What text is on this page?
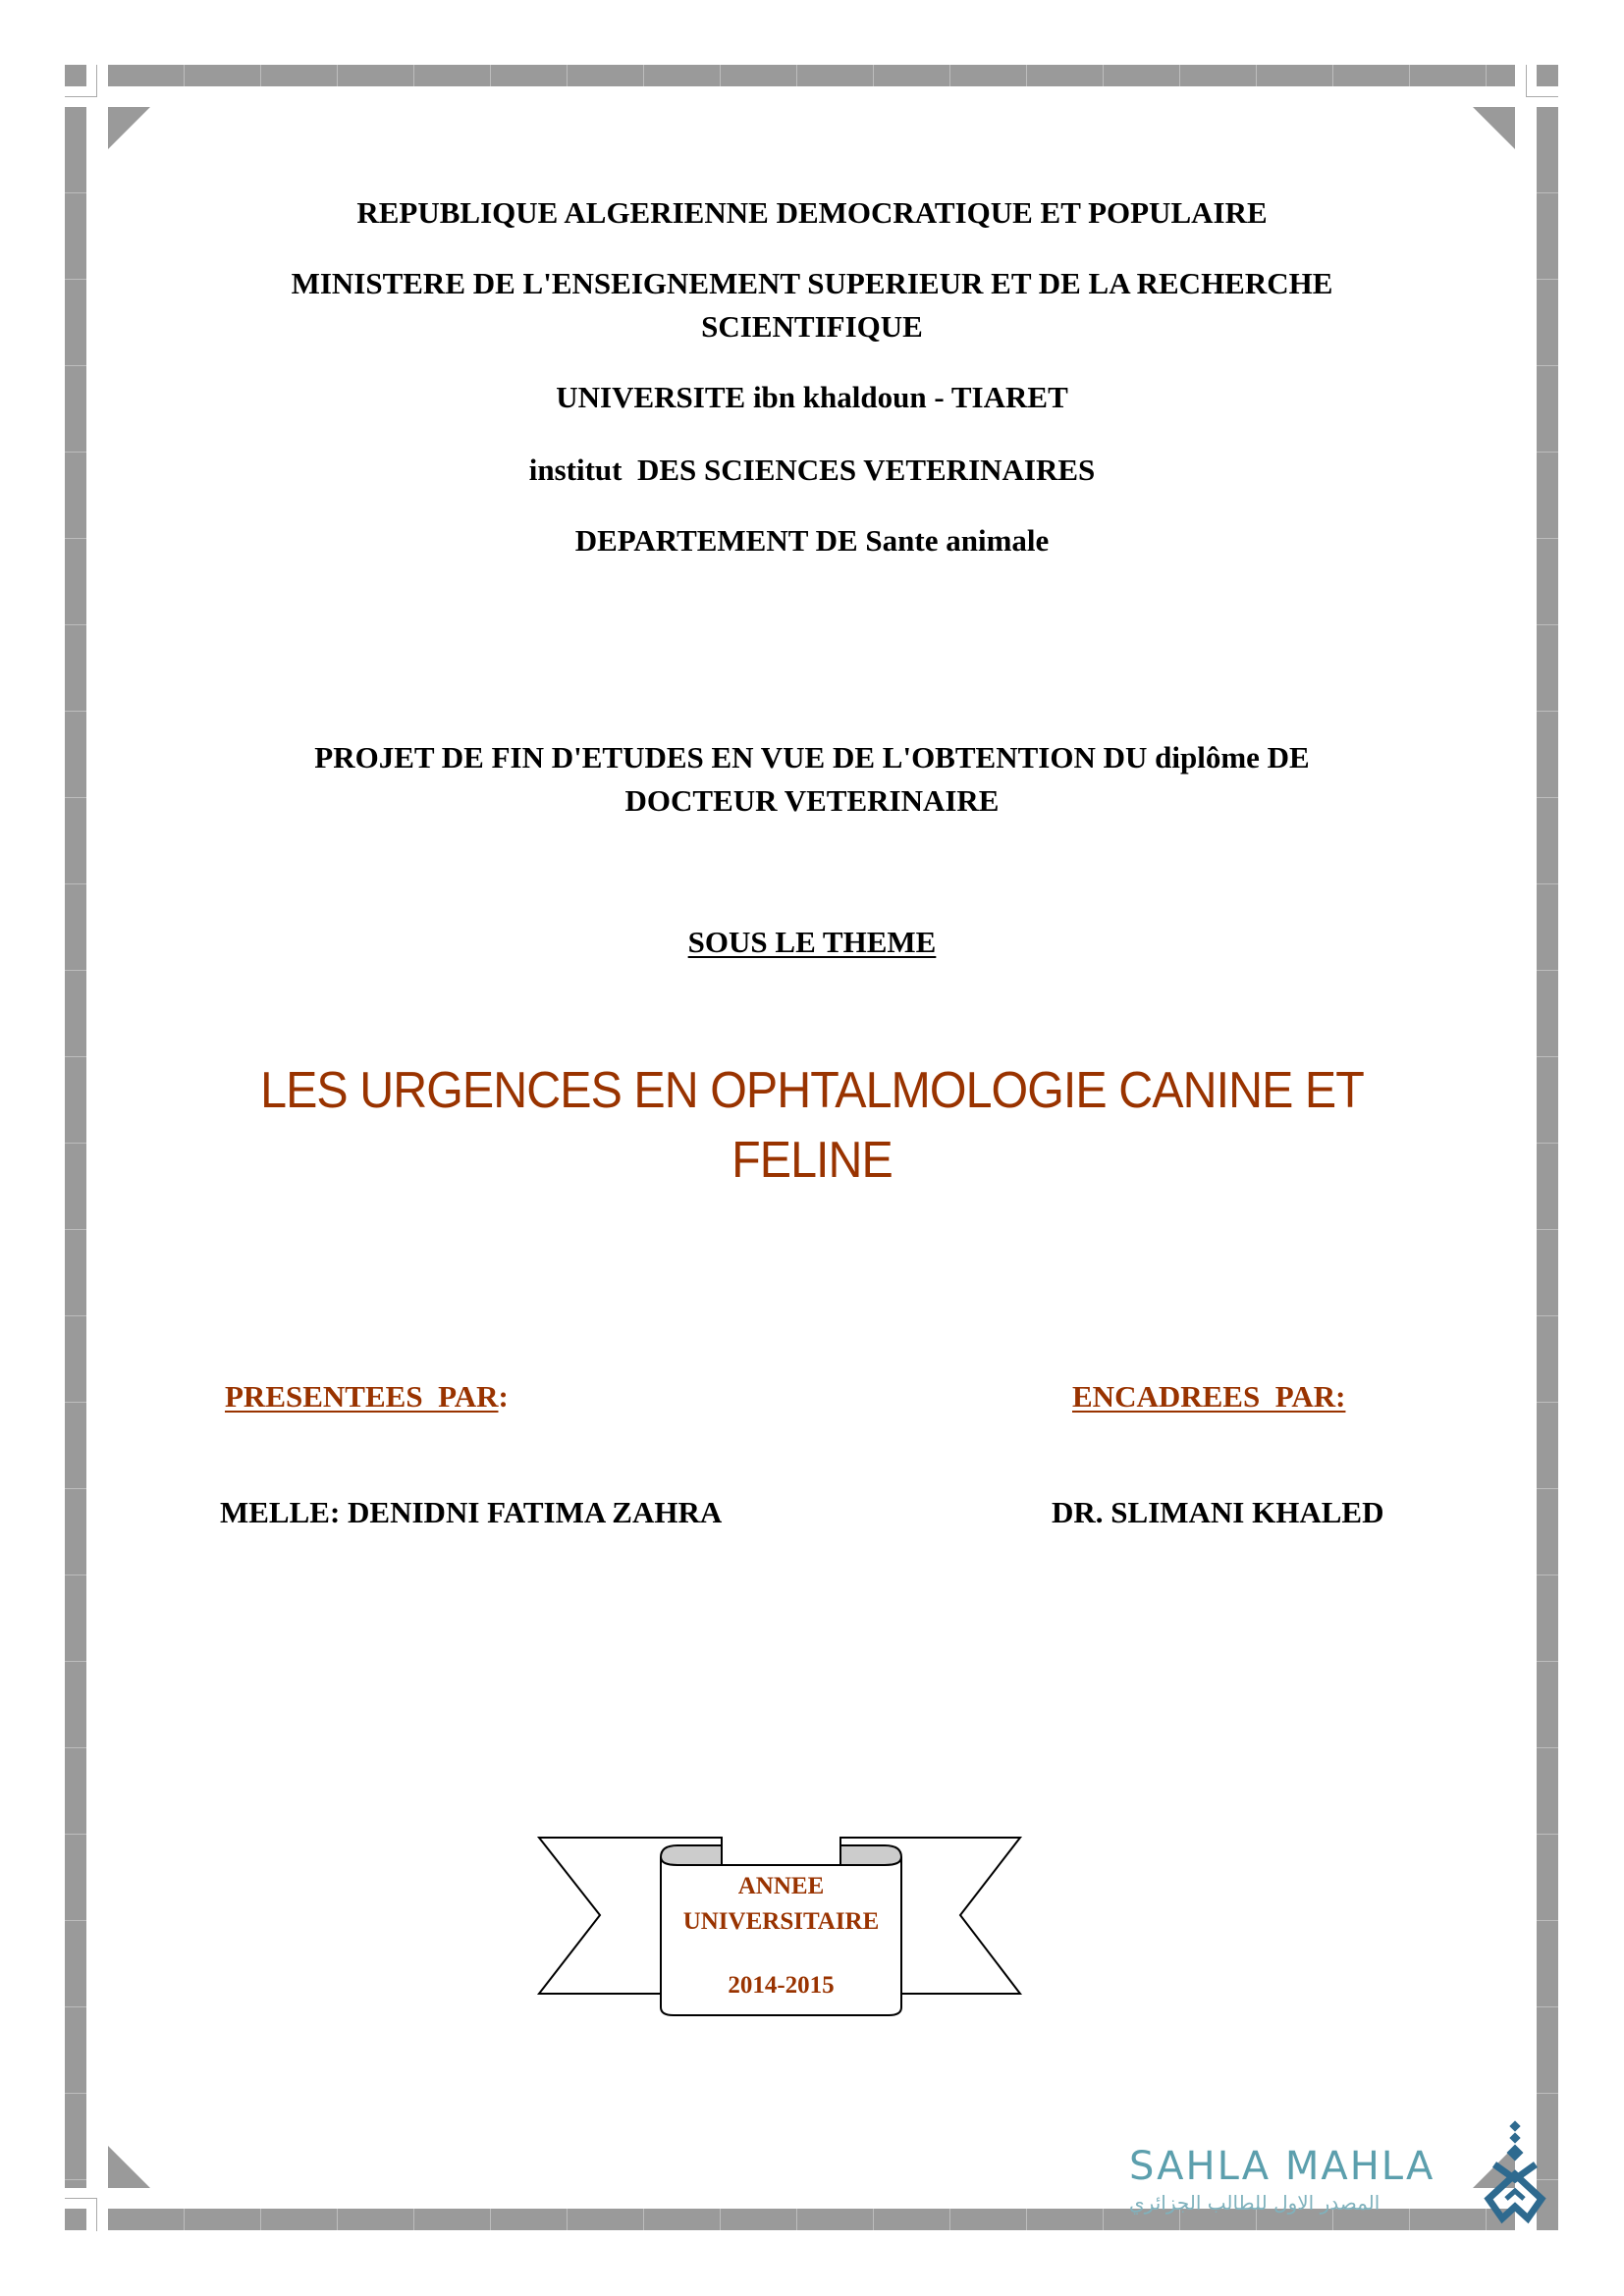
REPUBLIQUE ALGERIENNE DEMOCRATIQUE ET POPULAIRE
MINISTERE DE L'ENSEIGNEMENT SUPERIEUR ET DE LA RECHERCHE
SCIENTIFIQUE
UNIVERSITE ibn khaldoun - TIARET
institut  DES SCIENCES VETERINAIRES
DEPARTEMENT DE Sante animale
PROJET DE FIN D'ETUDES EN VUE DE L'OBTENTION DU diplôme DE
DOCTEUR VETERINAIRE
SOUS LE THEME
LES URGENCES EN OPHTALMOLOGIE CANINE ET
FELINE
PRESENTEES  PAR:	ENCADREES  PAR:
MELLE: DENIDNI FATIMA ZAHRA	DR. SLIMANI KHALED
ANNEE
UNIVERSITAIRE
2014-2015
SAHLA MAHLA
المصدر الاول للطالب الجزائري
